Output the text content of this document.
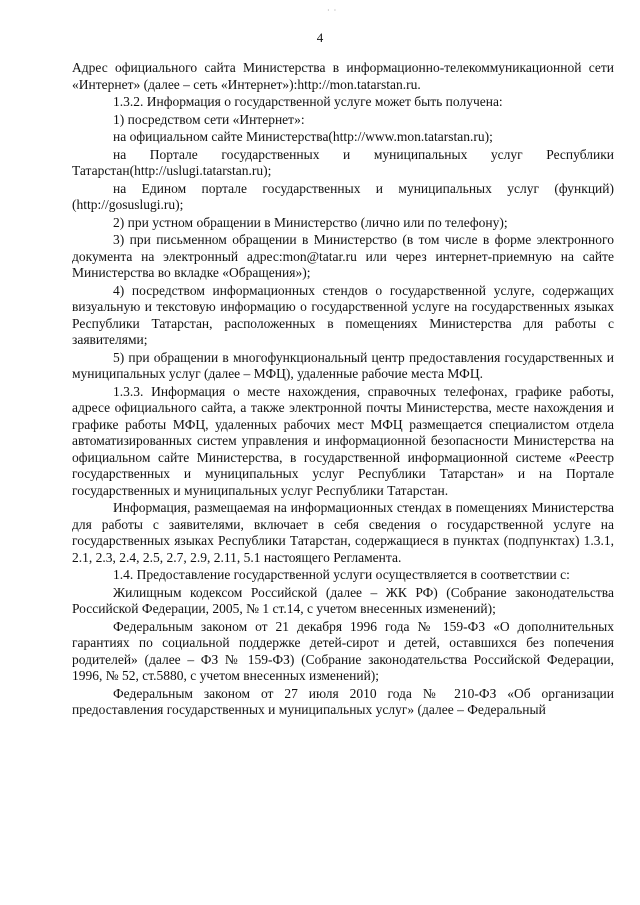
· ·
4

Адрес официального сайта Министерства в информационно-телекоммуникационной сети «Интернет» (далее – сеть «Интернет»):http://mon.tatarstan.ru.

1.3.2. Информация о государственной услуге может быть получена:

1) посредством сети «Интернет»:

на официальном сайте Министерства(http://www.mon.tatarstan.ru);

на Портале государственных и муниципальных услуг Республики Татарстан(http://uslugi.tatarstan.ru);

на Едином портале государственных и муниципальных услуг (функций)(http://gosuslugi.ru);

2) при устном обращении в Министерство (лично или по телефону);

3) при письменном обращении в Министерство (в том числе в форме электронного документа на электронный адрес:mon@tatar.ru или через интернет-приемную на сайте Министерства во вкладке «Обращения»);

4) посредством информационных стендов о государственной услуге, содержащих визуальную и текстовую информацию о государственной услуге на государственных языках Республики Татарстан, расположенных в помещениях Министерства для работы с заявителями;

5) при обращении в многофункциональный центр предоставления государственных и муниципальных услуг (далее – МФЦ), удаленные рабочие места МФЦ.

1.3.3. Информация о месте нахождения, справочных телефонах, графике работы, адресе официального сайта, а также электронной почты Министерства, месте нахождения и графике работы МФЦ, удаленных рабочих мест МФЦ размещается специалистом отдела автоматизированных систем управления и информационной безопасности Министерства на официальном сайте Министерства, в государственной информационной системе «Реестр государственных и муниципальных услуг Республики Татарстан» и на Портале государственных и муниципальных услуг Республики Татарстан.

Информация, размещаемая на информационных стендах в помещениях Министерства для работы с заявителями, включает в себя сведения о государственной услуге на государственных языках Республики Татарстан, содержащиеся в пунктах (подпунктах) 1.3.1, 2.1, 2.3, 2.4, 2.5, 2.7, 2.9, 2.11, 5.1 настоящего Регламента.

1.4. Предоставление государственной услуги осуществляется в соответствии с:

Жилищным кодексом Российской (далее – ЖК РФ) (Собрание законодательства Российской Федерации, 2005, № 1 ст.14, с учетом внесенных изменений);

Федеральным законом от 21 декабря 1996 года № 159-ФЗ «О дополнительных гарантиях по социальной поддержке детей-сирот и детей, оставшихся без попечения родителей» (далее – ФЗ № 159-ФЗ) (Собрание законодательства Российской Федерации, 1996, № 52, ст.5880, с учетом внесенных изменений);

Федеральным законом от 27 июля 2010 года № 210-ФЗ «Об организации предоставления государственных и муниципальных услуг» (далее – Федеральный
